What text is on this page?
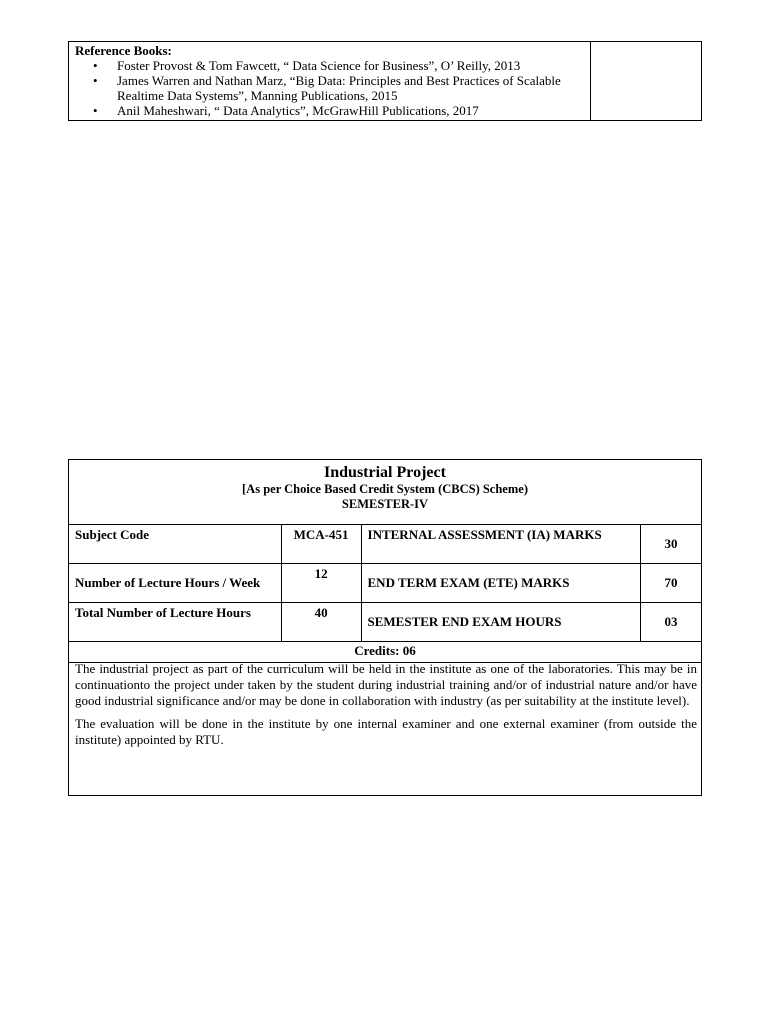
Reference Books:
• Foster Provost & Tom Fawcett, “ Data Science for Business”, O’ Reilly, 2013
• James Warren and Nathan Marz, “Big Data: Principles and Best Practices of Scalable Realtime Data Systems”, Manning Publications, 2015
• Anil Maheshwari, “ Data Analytics”, McGrawHill Publications, 2017
Industrial Project
[As per Choice Based Credit System (CBCS) Scheme)
SEMESTER-IV
Subject Code	MCA-451	INTERNAL ASSESSMENT (IA) MARKS	30
Number of Lecture Hours / Week	12	END TERM EXAM (ETE) MARKS	70
Total Number of Lecture Hours	40	SEMESTER END EXAM HOURS	03
Credits: 06			

The industrial project as part of the curriculum will be held in the institute as one of the laboratories. This may be in continuationto the project under taken by the student during industrial training and/or of industrial nature and/or have good industrial significance and/or may be done in collaboration with industry (as per suitability at the institute level).

The evaluation will be done in the institute by one internal examiner and one external examiner (from outside the institute) appointed by RTU.
